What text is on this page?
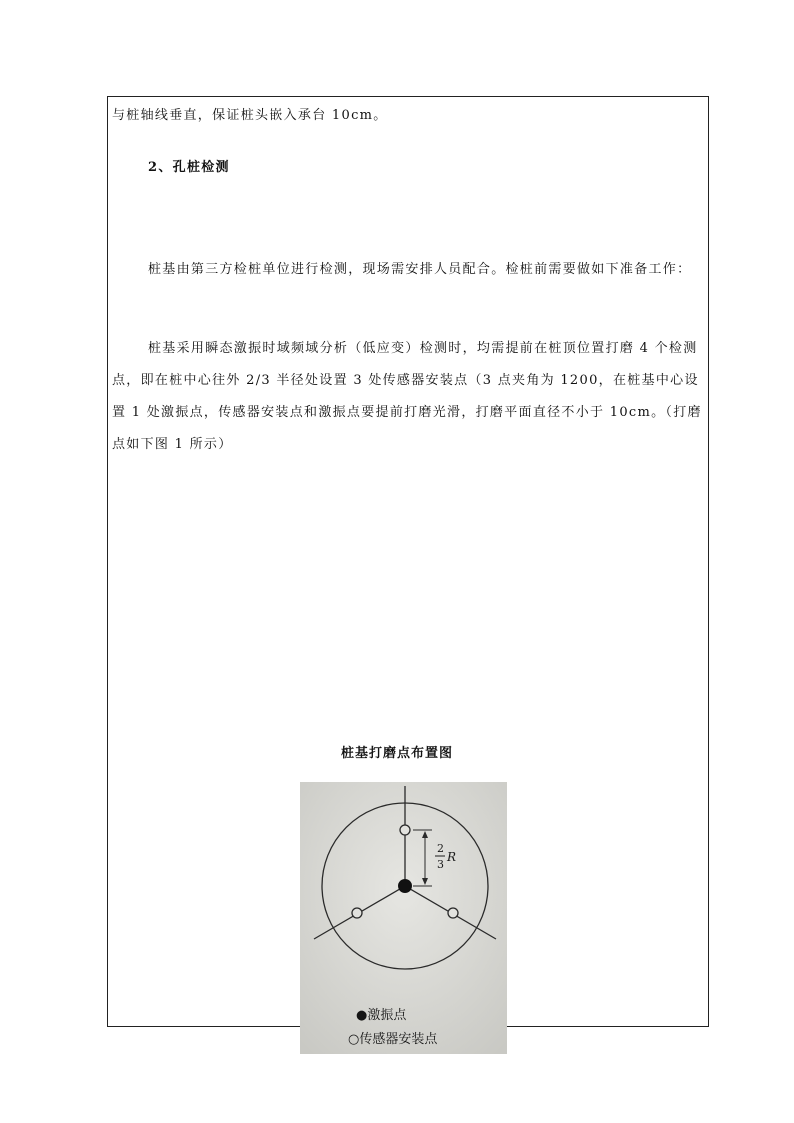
与桩轴线垂直，保证桩头嵌入承台 10cm。

2、孔桩检测

桩基由第三方检桩单位进行检测，现场需安排人员配合。检桩前需要做如下准备工作：

桩基采用瞬态激振时域频域分析（低应变）检测时，均需提前在桩顶位置打磨 4 个检测点，即在桩中心往外 2/3 半径处设置 3 处传感器安装点（3 点夹角为 1200，在桩基中心设置 1 处激振点，传感器安装点和激振点要提前打磨光滑，打磨平面直径不小于 10cm。（打磨点如下图 1 所示）

桩基打磨点布置图
2
3
R
●激振点
○传感器安装点
